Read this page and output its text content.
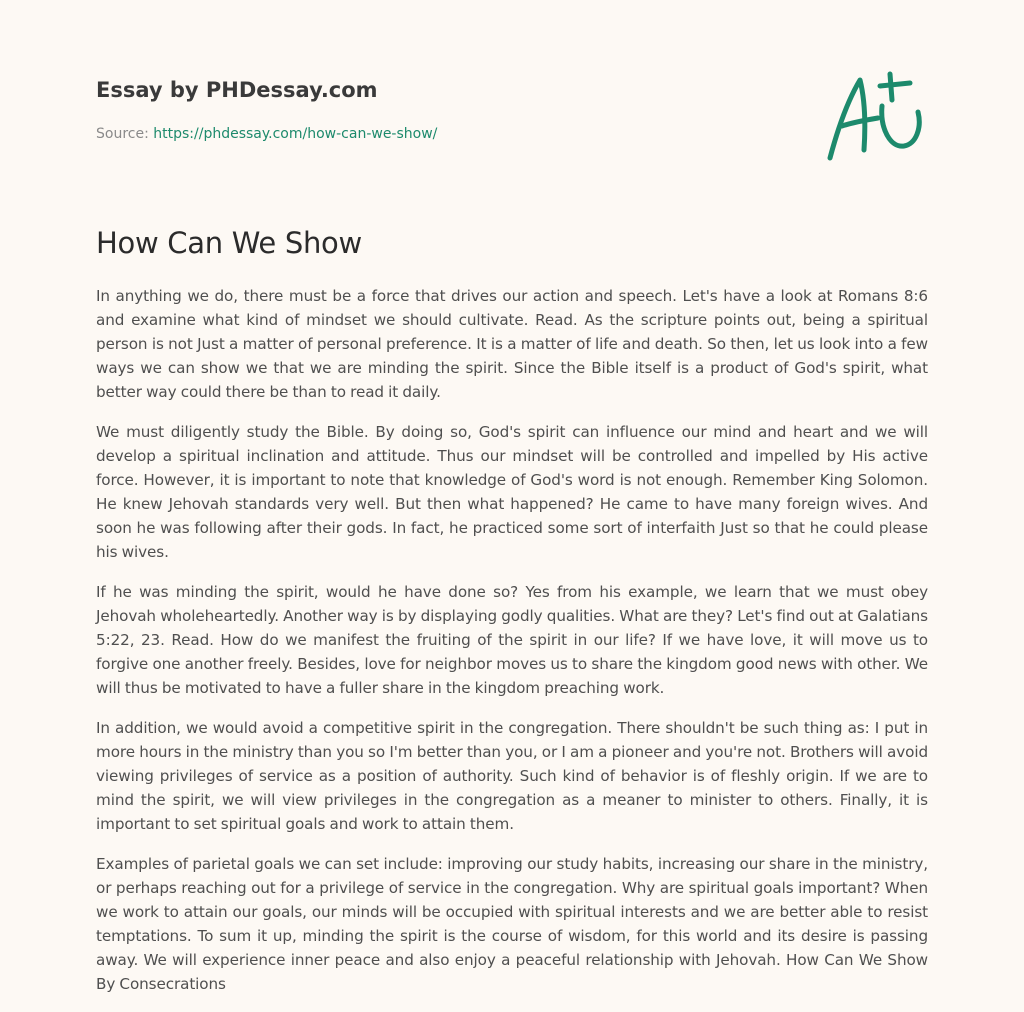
Essay by PHDessay.com
Source: https://phdessay.com/how-can-we-show/
How Can We Show

In anything we do, there must be a force that drives our action and speech. Let's have a look at Romans 8:6 and examine what kind of mindset we should cultivate. Read. As the scripture points out, being a spiritual person is not Just a matter of personal preference. It is a matter of life and death. So then, let us look into a few ways we can show we that we are minding the spirit. Since the Bible itself is a product of God's spirit, what better way could there be than to read it daily.

We must diligently study the Bible. By doing so, God's spirit can influence our mind and heart and we will develop a spiritual inclination and attitude. Thus our mindset will be controlled and impelled by His active force. However, it is important to note that knowledge of God's word is not enough. Remember King Solomon. He knew Jehovah standards very well. But then what happened? He came to have many foreign wives. And soon he was following after their gods. In fact, he practiced some sort of interfaith Just so that he could please his wives.

If he was minding the spirit, would he have done so? Yes from his example, we learn that we must obey Jehovah wholeheartedly. Another way is by displaying godly qualities. What are they? Let's find out at Galatians 5:22, 23. Read. How do we manifest the fruiting of the spirit in our life? If we have love, it will move us to forgive one another freely. Besides, love for neighbor moves us to share the kingdom good news with other. We will thus be motivated to have a fuller share in the kingdom preaching work.

In addition, we would avoid a competitive spirit in the congregation. There shouldn't be such thing as: I put in more hours in the ministry than you so I'm better than you, or I am a pioneer and you're not. Brothers will avoid viewing privileges of service as a position of authority. Such kind of behavior is of fleshly origin. If we are to mind the spirit, we will view privileges in the congregation as a meaner to minister to others. Finally, it is important to set spiritual goals and work to attain them.

Examples of parietal goals we can set include: improving our study habits, increasing our share in the ministry, or perhaps reaching out for a privilege of service in the congregation. Why are spiritual goals important? When we work to attain our goals, our minds will be occupied with spiritual interests and we are better able to resist temptations. To sum it up, minding the spirit is the course of wisdom, for this world and its desire is passing away. We will experience inner peace and also enjoy a peaceful relationship with Jehovah. How Can We Show By Consecrations
